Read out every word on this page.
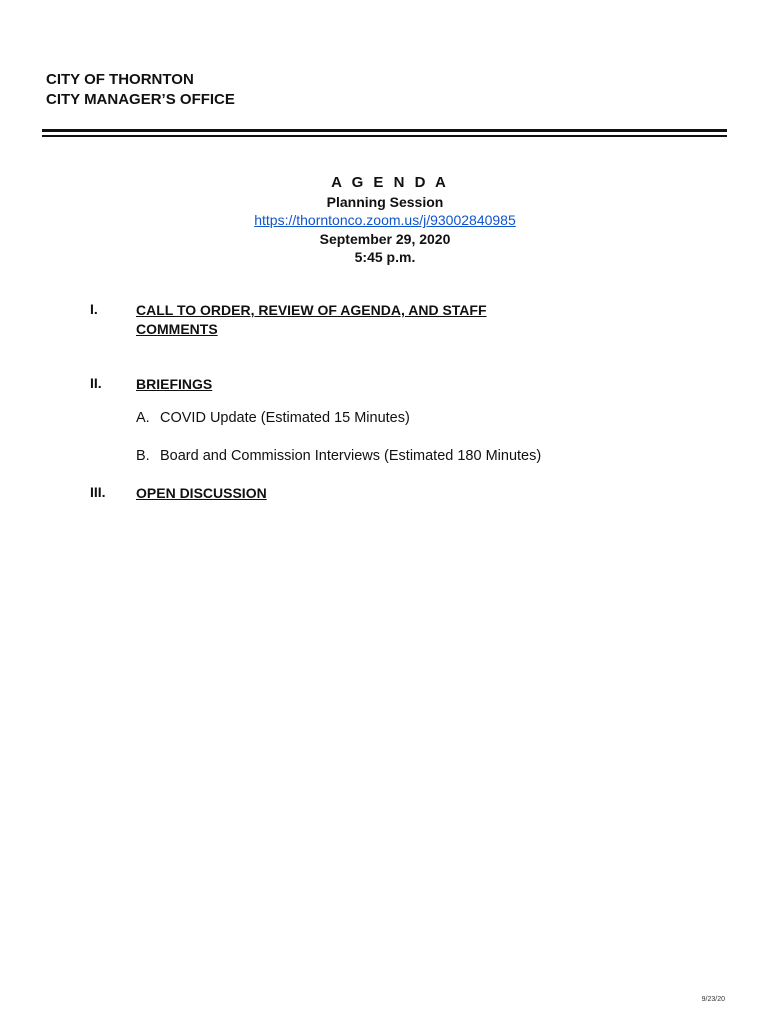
CITY OF THORNTON
CITY MANAGER’S OFFICE
A G E N D A
Planning Session
https://thorntonco.zoom.us/j/93002840985
September 29, 2020
5:45 p.m.
I.	CALL TO ORDER, REVIEW OF AGENDA, AND STAFF
COMMENTS
II. BRIEFINGS
A. COVID Update (Estimated 15 Minutes)
B. Board and Commission Interviews (Estimated 180 Minutes)
III. OPEN DISCUSSION
9/23/20
